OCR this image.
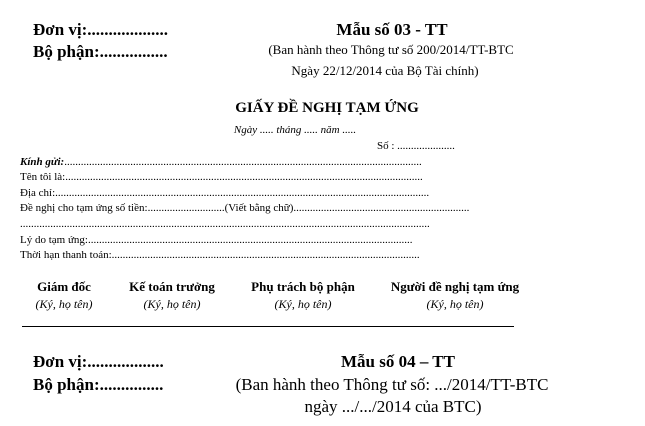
Đơn vị:...................
Bộ phận:................
Mẫu số 03 - TT
(Ban hành theo Thông tư số 200/2014/TT-BTC
Ngày 22/12/2014 của Bộ Tài chính)
GIẤY ĐỀ NGHỊ TẠM ỨNG
Ngày ..... tháng ..... năm .....
Số : .....................
Kính gửi:..................................................................................................................................
Tên tôi là:..................................................................................................................................
Địa chỉ:........................................................................................................................................
Đề nghị cho tạm ứng số tiền:............................(Viết bằng chữ)................................................................
.....................................................................................................................................................
Lý do tạm ứng:......................................................................................................................
Thời hạn thanh toán:................................................................................................................
Giám đốc
(Ký, họ tên)
Kế toán trưởng
(Ký, họ tên)
Phụ trách bộ phận
(Ký, họ tên)
Người đề nghị tạm ứng
(Ký, họ tên)
Đơn vị:..................
Bộ phận:...............
Mẫu số 04 – TT
(Ban hành theo Thông tư số: .../2014/TT-BTC
ngày .../.../2014 của BTC)
